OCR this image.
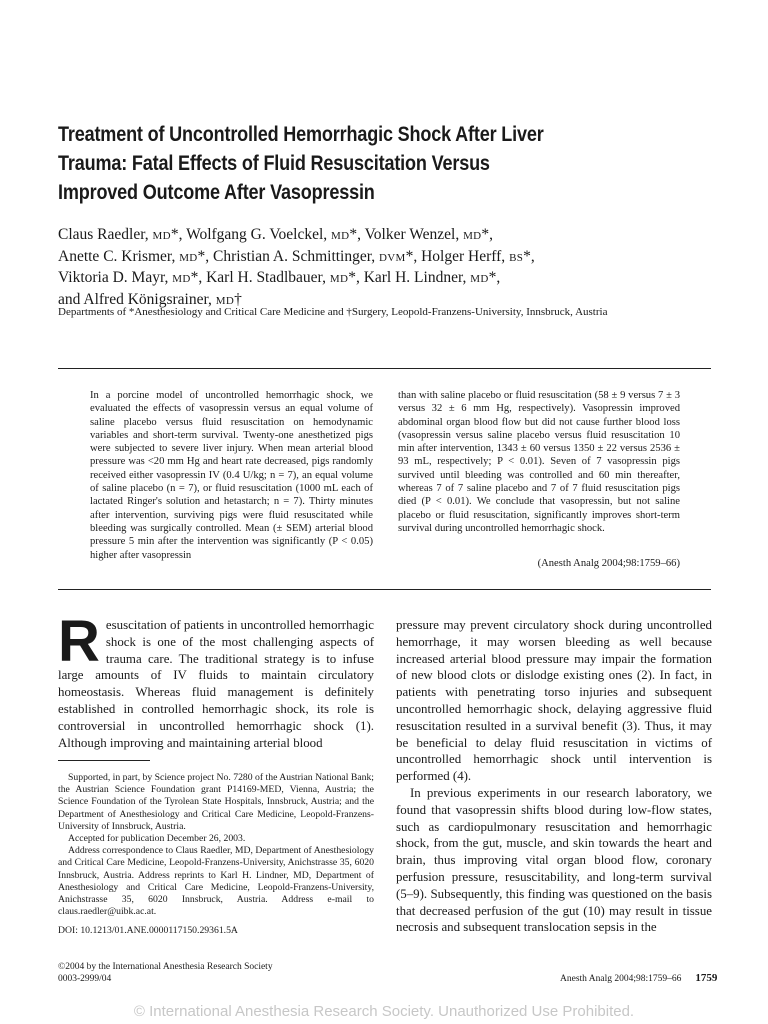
Treatment of Uncontrolled Hemorrhagic Shock After Liver
Trauma: Fatal Effects of Fluid Resuscitation Versus
Improved Outcome After Vasopressin
Claus Raedler, MD*, Wolfgang G. Voelckel, MD*, Volker Wenzel, MD*,
Anette C. Krismer, MD*, Christian A. Schmittinger, DVM*, Holger Herff, BS*,
Viktoria D. Mayr, MD*, Karl H. Stadlbauer, MD*, Karl H. Lindner, MD*,
and Alfred Königsrainer, MD†
Departments of *Anesthesiology and Critical Care Medicine and †Surgery, Leopold-Franzens-University, Innsbruck, Austria
In a porcine model of uncontrolled hemorrhagic shock, we evaluated the effects of vasopressin versus an equal volume of saline placebo versus fluid resuscitation on hemodynamic variables and short-term survival. Twenty-one anesthetized pigs were subjected to severe liver injury. When mean arterial blood pressure was <20 mm Hg and heart rate decreased, pigs randomly received either vasopressin IV (0.4 U/kg; n = 7), an equal volume of saline placebo (n = 7), or fluid resuscitation (1000 mL each of lactated Ringer's solution and hetastarch; n = 7). Thirty minutes after intervention, surviving pigs were fluid resuscitated while bleeding was surgically controlled. Mean (± SEM) arterial blood pressure 5 min after the intervention was significantly (P < 0.05) higher after vasopressin
than with saline placebo or fluid resuscitation (58 ± 9 versus 7 ± 3 versus 32 ± 6 mm Hg, respectively). Vasopressin improved abdominal organ blood flow but did not cause further blood loss (vasopressin versus saline placebo versus fluid resuscitation 10 min after intervention, 1343 ± 60 versus 1350 ± 22 versus 2536 ± 93 mL, respectively; P < 0.01). Seven of 7 vasopressin pigs survived until bleeding was controlled and 60 min thereafter, whereas 7 of 7 saline placebo and 7 of 7 fluid resuscitation pigs died (P < 0.01). We conclude that vasopressin, but not saline placebo or fluid resuscitation, significantly improves short-term survival during uncontrolled hemorrhagic shock.
(Anesth Analg 2004;98:1759–66)

Resuscitation of patients in uncontrolled hemorrhagic shock is one of the most challenging aspects of trauma care. The traditional strategy is to infuse large amounts of IV fluids to maintain circulatory homeostasis. Whereas fluid management is definitely established in controlled hemorrhagic shock, its role is controversial in uncontrolled hemorrhagic shock (1). Although improving and maintaining arterial blood

pressure may prevent circulatory shock during uncontrolled hemorrhage, it may worsen bleeding as well because increased arterial blood pressure may impair the formation of new blood clots or dislodge existing ones (2). In fact, in patients with penetrating torso injuries and subsequent uncontrolled hemorrhagic shock, delaying aggressive fluid resuscitation resulted in a survival benefit (3). Thus, it may be beneficial to delay fluid resuscitation in victims of uncontrolled hemorrhagic shock until intervention is performed (4).

In previous experiments in our research laboratory, we found that vasopressin shifts blood during low-flow states, such as cardiopulmonary resuscitation and hemorrhagic shock, from the gut, muscle, and skin towards the heart and brain, thus improving vital organ blood flow, coronary perfusion pressure, resuscitability, and long-term survival (5–9). Subsequently, this finding was questioned on the basis that decreased perfusion of the gut (10) may result in tissue necrosis and subsequent translocation sepsis in the

Supported, in part, by Science project No. 7280 of the Austrian National Bank; the Austrian Science Foundation grant P14169-MED, Vienna, Austria; the Science Foundation of the Tyrolean State Hospitals, Innsbruck, Austria; and the Department of Anesthesiology and Critical Care Medicine, Leopold-Franzens-University of Innsbruck, Austria.

Accepted for publication December 26, 2003.

Address correspondence to Claus Raedler, MD, Department of Anesthesiology and Critical Care Medicine, Leopold-Franzens-University, Anichstrasse 35, 6020 Innsbruck, Austria. Address reprints to Karl H. Lindner, MD, Department of Anesthesiology and Critical Care Medicine, Leopold-Franzens-University, Anichstrasse 35, 6020 Innsbruck, Austria. Address e-mail to claus.raedler@uibk.ac.at.

DOI: 10.1213/01.ANE.0000117150.29361.5A

©2004 by the International Anesthesia Research Society
0003-2999/04	Anesth Analg 2004;98:1759–66 1759
© International Anesthesia Research Society. Unauthorized Use Prohibited.
